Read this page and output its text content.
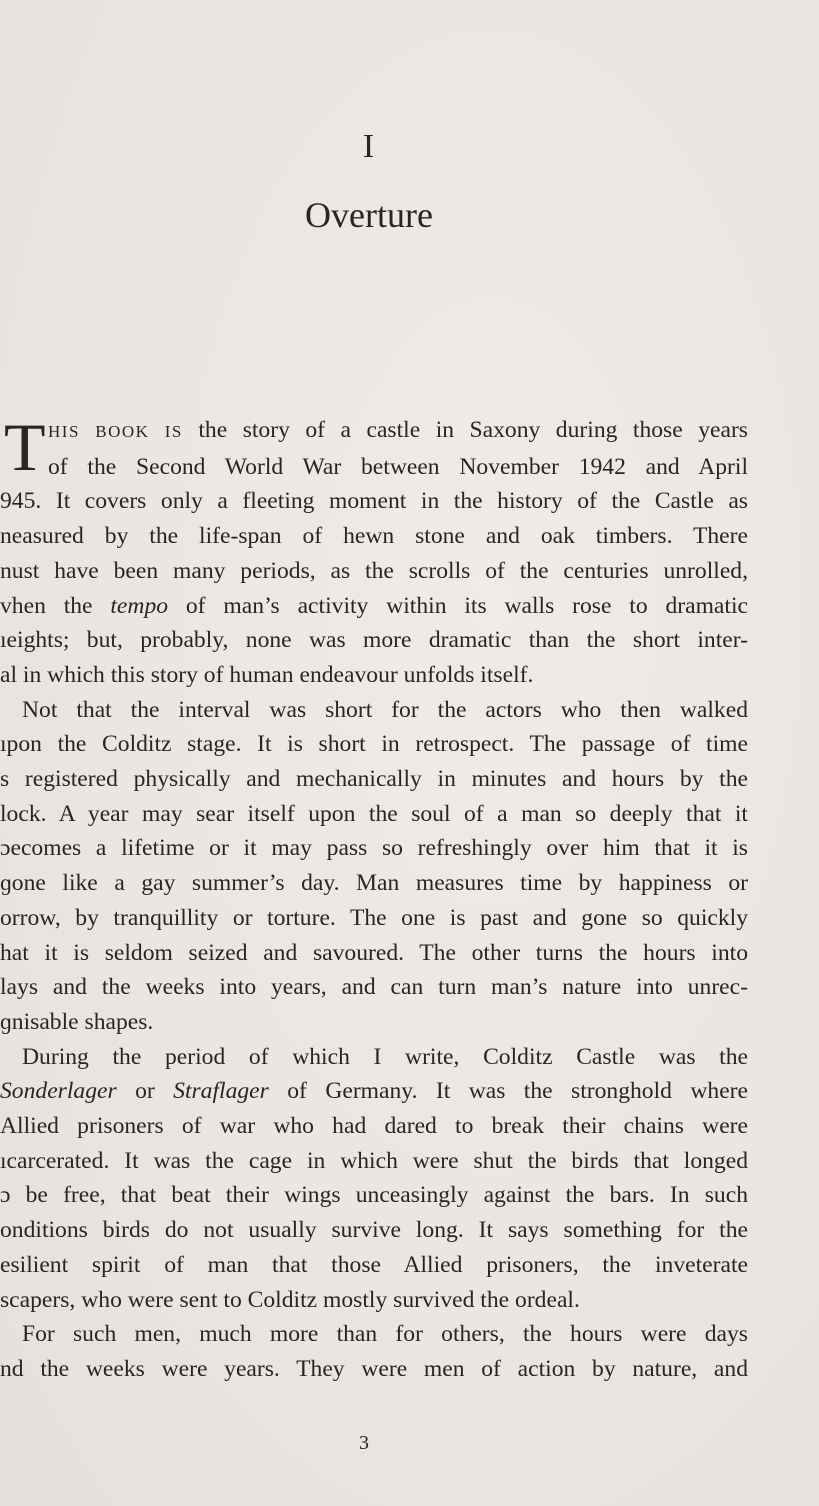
I
Overture
T HIS BOOK IS the story of a castle in Saxony during those years
of the Second World War between November 1942 and April
945. It covers only a fleeting moment in the history of the Castle as
neasured by the life-span of hewn stone and oak timbers. There
nust have been many periods, as the scrolls of the centuries unrolled,
vhen the tempo of man’s activity within its walls rose to dramatic
ıeights; but, probably, none was more dramatic than the short inter-
al in which this story of human endeavour unfolds itself.
Not that the interval was short for the actors who then walked
ıpon the Colditz stage. It is short in retrospect. The passage of time
s registered physically and mechanically in minutes and hours by the
lock. A year may sear itself upon the soul of a man so deeply that it
ɔecomes a lifetime or it may pass so refreshingly over him that it is
ɡone like a gay summer’s day. Man measures time by happiness or
orrow, by tranquillity or torture. The one is past and gone so quickly
hat it is seldom seized and savoured. The other turns the hours into
lays and the weeks into years, and can turn man’s nature into unrec-
ɡnisable shapes.
During the period of which I write, Colditz Castle was the
Sonderlager or Straflager of Germany. It was the stronghold where
Allied prisoners of war who had dared to break their chains were
ıcarcerated. It was the cage in which were shut the birds that longed
ɔ be free, that beat their wings unceasingly against the bars. In such
onditions birds do not usually survive long. It says something for the
esilient spirit of man that those Allied prisoners, the inveterate
scapers, who were sent to Colditz mostly survived the ordeal.
For such men, much more than for others, the hours were days
nd the weeks were years. They were men of action by nature, and
3
